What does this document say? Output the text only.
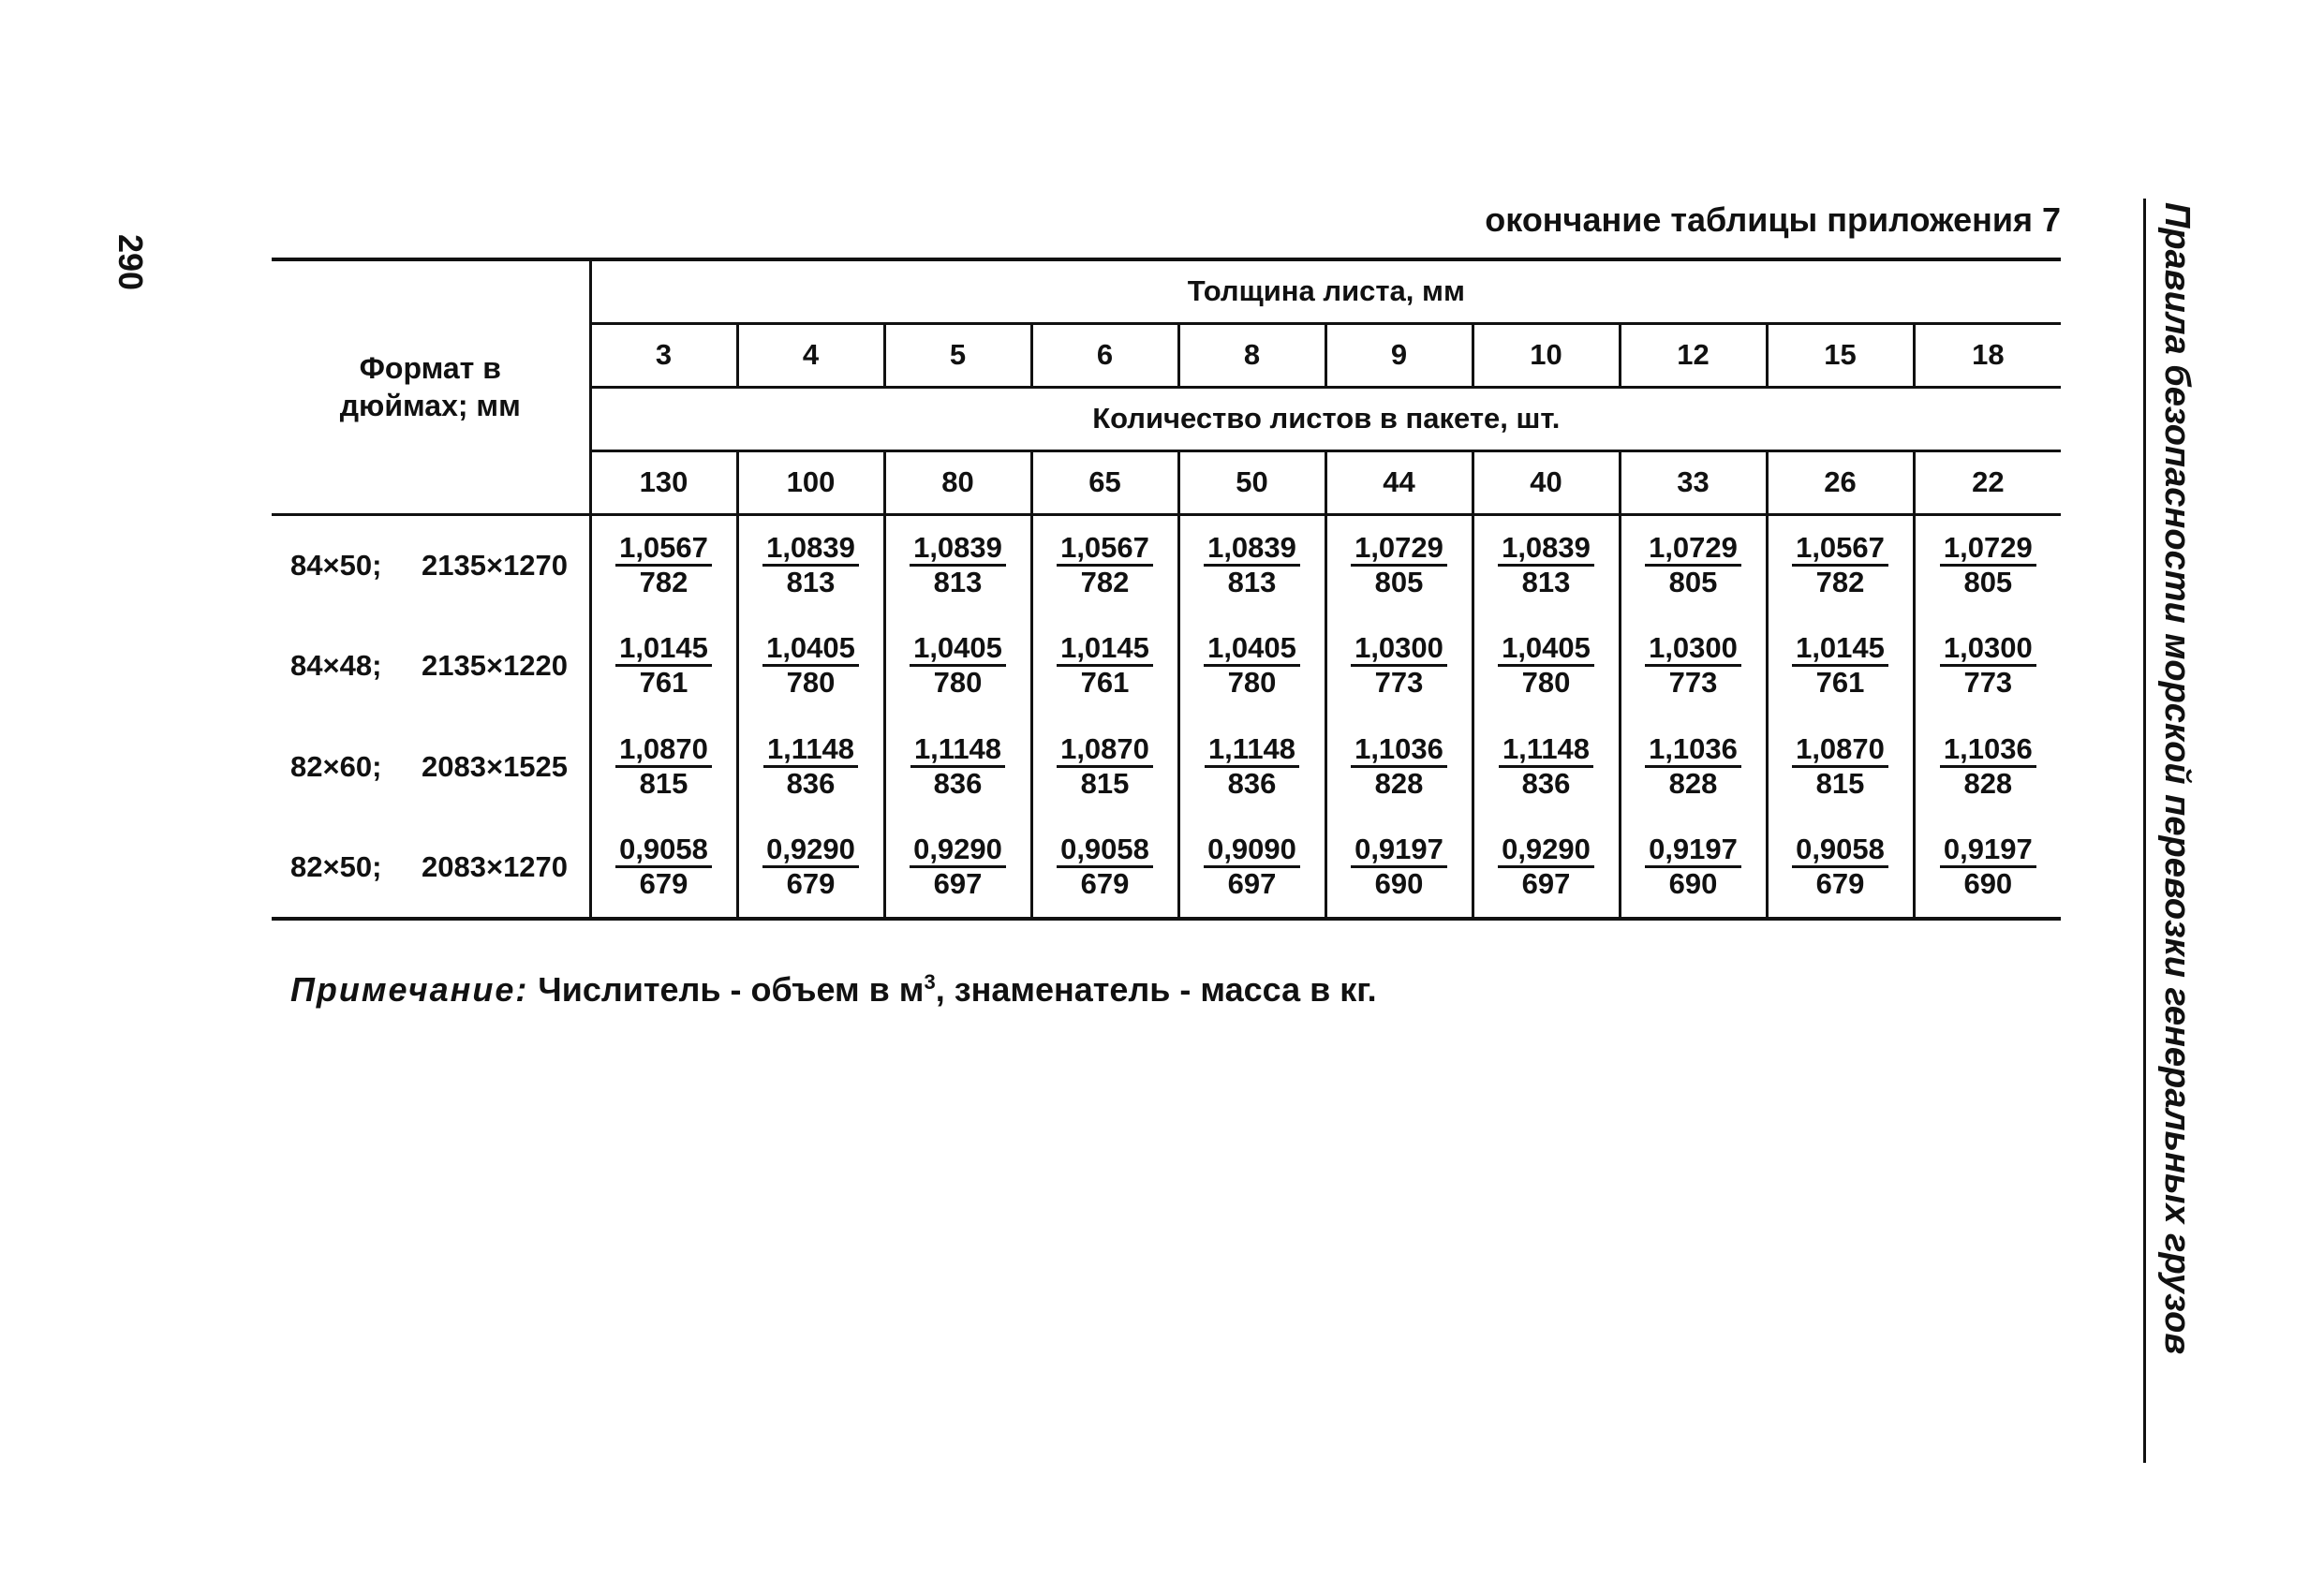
290	Правила безопасности морской перевозки генеральных грузов
окончание таблицы приложения 7
Формат в
дюймах; мм	Толщина листа, мм									
	3	4	5	6	8	9	10	12	15	18
	Количество листов в пакете, шт.									
	130	100	80	65	50	44	40	33	26	22
84×50; 2135×1270	$\frac{1,0567}{782}$	$\frac{1,0839}{813}$	$\frac{1,0839}{813}$	$\frac{1,0567}{782}$	$\frac{1,0839}{813}$	$\frac{1,0729}{805}$	$\frac{1,0839}{813}$	$\frac{1,0729}{805}$	$\frac{1,0567}{782}$	$\frac{1,0729}{805}$

84×48; 2135×1220	$\frac{1,0145}{761}$	$\frac{1,0405}{780}$	$\frac{1,0405}{780}$	$\frac{1,0145}{761}$	$\frac{1,0405}{780}$	$\frac{1,0300}{773}$	$\frac{1,0405}{780}$	$\frac{1,0300}{773}$	$\frac{1,0145}{761}$	$\frac{1,0300}{773}$

82×60; 2083×1525	$\frac{1,0870}{815}$	$\frac{1,1148}{836}$	$\frac{1,1148}{836}$	$\frac{1,0870}{815}$	$\frac{1,1148}{836}$	$\frac{1,1036}{828}$	$\frac{1,1148}{836}$	$\frac{1,1036}{828}$	$\frac{1,0870}{815}$	$\frac{1,1036}{828}$

82×50; 2083×1270	$\frac{0,9058}{679}$	$\frac{0,9290}{679}$	$\frac{0,9290}{697}$	$\frac{0,9058}{679}$	$\frac{0,9090}{697}$	$\frac{0,9197}{690}$	$\frac{0,9290}{697}$	$\frac{0,9197}{690}$	$\frac{0,9058}{679}$	$\frac{0,9197}{690}$
Примечание: Числитель - объем в $м^3$, знаменатель - масса в кг.
